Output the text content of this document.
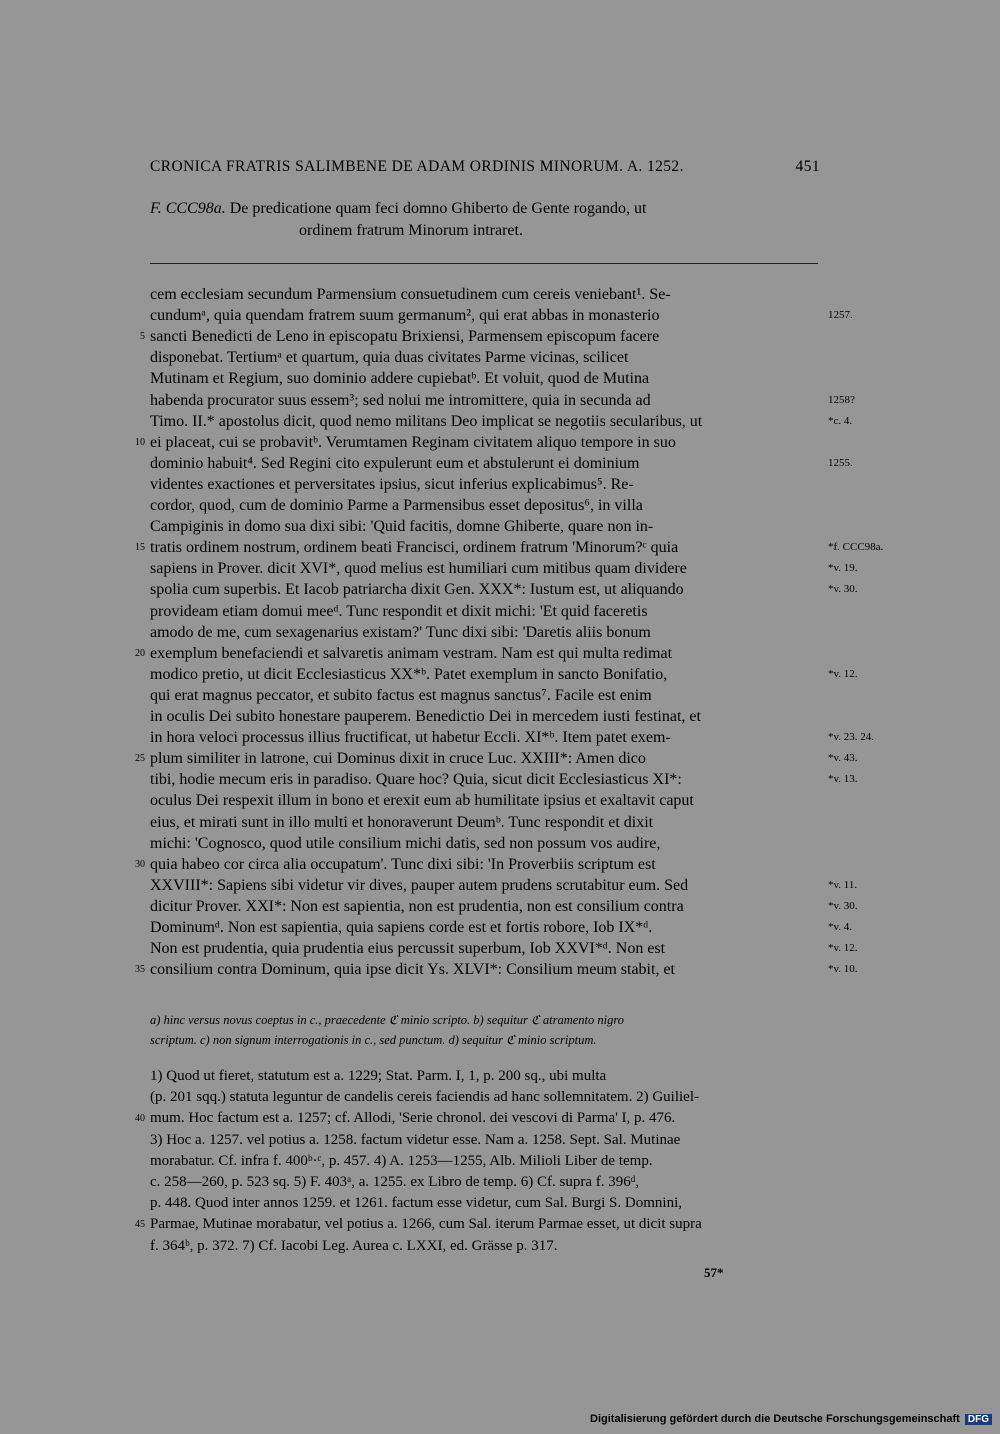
CRONICA FRATRIS SALIMBENE DE ADAM ORDINIS MINORUM. A. 1252.	451
F. CCC98a. De predicatione quam feci domno Ghiberto de Gente rogando, ut
ordinem fratrum Minorum intraret.
cem ecclesiam secundum Parmensium consuetudinem cum cereis veniebant¹. Se-
cundumᵃ, quia quendam fratrem suum germanum², qui erat abbas in monasterio	1257.
5 sancti Benedicti de Leno in episcopatu Brixiensi, Parmensem episcopum facere
disponebat. Tertiumᵃ et quartum, quia duas civitates Parme vicinas, scilicet
Mutinam et Regium, suo dominio addere cupiebatᵇ. Et voluit, quod de Mutina
habenda procurator suus essem³; sed nolui me intromittere, quia in secunda ad	1258?
Timo. II.* apostolus dicit, quod nemo militans Deo implicat se negotiis secularibus, ut	*c. 4.
10 ei placeat, cui se probavitᵇ. Verumtamen Reginam civitatem aliquo tempore in suo
dominio habuit⁴. Sed Regini cito expulerunt eum et abstulerunt ei dominium	1255.
videntes exactiones et perversitates ipsius, sicut inferius explicabimus⁵. Re-
cordor, quod, cum de dominio Parme a Parmensibus esset depositus⁶, in villa
Campiginis in domo sua dixi sibi: 'Quid facitis, domne Ghiberte, quare non in-
15 tratis ordinem nostrum, ordinem beati Francisci, ordinem fratrum 'Minorum?ᶜ quia	*f. CCC98a.
sapiens in Prover. dicit XVI*, quod melius est humiliari cum mitibus quam dividere	*v. 19.
spolia cum superbis. Et Iacob patriarcha dixit Gen. XXX*: Iustum est, ut aliquando	*v. 30.
provideam etiam domui meeᵈ. Tunc respondit et dixit michi: 'Et quid faceretis
amodo de me, cum sexagenarius existam?' Tunc dixi sibi: 'Daretis aliis bonum
20 exemplum benefaciendi et salvaretis animam vestram. Nam est qui multa redimat
modico pretio, ut dicit Ecclesiasticus XX*ᵇ. Patet exemplum in sancto Bonifatio,	*v. 12.
qui erat magnus peccator, et subito factus est magnus sanctus⁷. Facile est enim
in oculis Dei subito honestare pauperem. Benedictio Dei in mercedem iusti festinat, et
in hora veloci processus illius fructificat, ut habetur Eccli. XI*ᵇ. Item patet exem-	*v. 23. 24.
25 plum similiter in latrone, cui Dominus dixit in cruce Luc. XXIII*: Amen dico	*v. 43.
tibi, hodie mecum eris in paradiso. Quare hoc? Quia, sicut dicit Ecclesiasticus XI*:	*v. 13.
oculus Dei respexit illum in bono et erexit eum ab humilitate ipsius et exaltavit caput
eius, et mirati sunt in illo multi et honoraverunt Deumᵇ. Tunc respondit et dixit
michi: 'Cognosco, quod utile consilium michi datis, sed non possum vos audire,
30 quia habeo cor circa alia occupatum'. Tunc dixi sibi: 'In Proverbiis scriptum est
XXVIII*: Sapiens sibi videtur vir dives, pauper autem prudens scrutabitur eum. Sed	*v. 11.
dicitur Prover. XXI*: Non est sapientia, non est prudentia, non est consilium contra	*v. 30.
Dominumᵈ. Non est sapientia, quia sapiens corde est et fortis robore, Iob IX*ᵈ.	*v. 4.
Non est prudentia, quia prudentia eius percussit superbum, Iob XXVI*ᵈ. Non est	*v. 12.
35 consilium contra Dominum, quia ipse dicit Ys. XLVI*: Consilium meum stabit, et	*v. 10.
a) hinc versus novus coeptus in c., praecedente ℭ minio scripto. b) sequitur ℭ atramento nigro
scriptum. c) non signum interrogationis in c., sed punctum. d) sequitur ℭ minio scriptum.
1) Quod ut fieret, statutum est a. 1229; Stat. Parm. I, 1, p. 200 sq., ubi multa
(p. 201 sqq.) statuta leguntur de candelis cereis faciendis ad hanc sollemnitatem. 2) Guiliel-
40 mum. Hoc factum est a. 1257; cf. Allodi, 'Serie chronol. dei vescovi di Parma' I, p. 476.
3) Hoc a. 1257. vel potius a. 1258. factum videtur esse. Nam a. 1258. Sept. Sal. Mutinae
morabatur. Cf. infra f. 400ᵇ·ᶜ, p. 457. 4) A. 1253—1255, Alb. Milioli Liber de temp.
c. 258—260, p. 523 sq. 5) F. 403ᵃ, a. 1255. ex Libro de temp. 6) Cf. supra f. 396ᵈ,
p. 448. Quod inter annos 1259. et 1261. factum esse videtur, cum Sal. Burgi S. Domnini,
45 Parmae, Mutinae morabatur, vel potius a. 1266, cum Sal. iterum Parmae esset, ut dicit supra
f. 364ᵇ, p. 372. 7) Cf. Iacobi Leg. Aurea c. LXXI, ed. Grässe p. 317.
57*
Digitalisierung gefördert durch die Deutsche Forschungsgemeinschaft DFG
